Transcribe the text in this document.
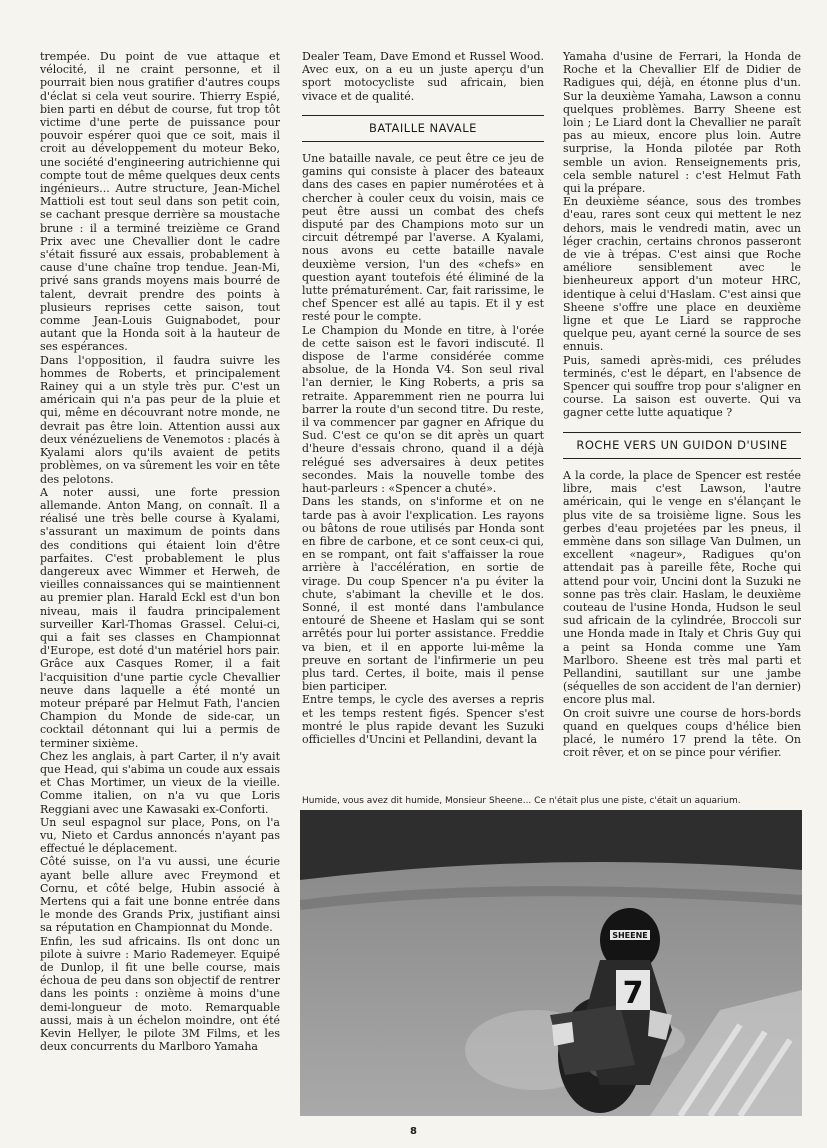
trempée. Du point de vue attaque et vélocité, il ne craint personne, et il pourrait bien nous gratifier d'autres coups d'éclat si cela veut sourire. Thierry Espié, bien parti en début de course, fut trop tôt victime d'une perte de puissance pour pouvoir espérer quoi que ce soit, mais il croit au développement du moteur Beko, une société d'engineering autrichienne qui compte tout de même quelques deux cents ingénieurs... Autre structure, Jean-Michel Mattioli est tout seul dans son petit coin, se cachant presque derrière sa moustache brune : il a terminé treizième ce Grand Prix avec une Chevallier dont le cadre s'était fissuré aux essais, probablement à cause d'une chaîne trop tendue. Jean-Mi, privé sans grands moyens mais bourré de talent, devrait prendre des points à plusieurs reprises cette saison, tout comme Jean-Louis Guignabodet, pour autant que la Honda soit à la hauteur de ses espérances.

Dans l'opposition, il faudra suivre les hommes de Roberts, et principalement Rainey qui a un style très pur. C'est un américain qui n'a pas peur de la pluie et qui, même en découvrant notre monde, ne devrait pas être loin. Attention aussi aux deux vénézueliens de Venemotos : placés à Kyalami alors qu'ils avaient de petits problèmes, on va sûrement les voir en tête des pelotons.

A noter aussi, une forte pression allemande. Anton Mang, on connaît. Il a réalisé une très belle course à Kyalami, s'assurant un maximum de points dans des conditions qui étaient loin d'être parfaites. C'est probablement le plus dangereux avec Wimmer et Herweh, de vieilles connaissances qui se maintiennent au premier plan. Harald Eckl est d'un bon niveau, mais il faudra principalement surveiller Karl-Thomas Grassel. Celui-ci, qui a fait ses classes en Championnat d'Europe, est doté d'un matériel hors pair. Grâce aux Casques Romer, il a fait l'acquisition d'une partie cycle Chevallier neuve dans laquelle a été monté un moteur préparé par Helmut Fath, l'ancien Champion du Monde de side-car, un cocktail détonnant qui lui a permis de terminer sixième.

Chez les anglais, à part Carter, il n'y avait que Head, qui s'abima un coude aux essais et Chas Mortimer, un vieux de la vieille. Comme italien, on n'a vu que Loris Reggiani avec une Kawasaki ex-Conforti.

Un seul espagnol sur place, Pons, on l'a vu, Nieto et Cardus annoncés n'ayant pas effectué le déplacement.

Côté suisse, on l'a vu aussi, une écurie ayant belle allure avec Freymond et Cornu, et côté belge, Hubin associé à Mertens qui a fait une bonne entrée dans le monde des Grands Prix, justifiant ainsi sa réputation en Championnat du Monde.

Enfin, les sud africains. Ils ont donc un pilote à suivre : Mario Rademeyer. Equipé de Dunlop, il fit une belle course, mais échoua de peu dans son objectif de rentrer dans les points : onzième à moins d'une demi-longueur de moto. Remarquable aussi, mais à un échelon moindre, ont été Kevin Hellyer, le pilote 3M Films, et les deux concurrents du Marlboro Yamaha

Dealer Team, Dave Emond et Russel Wood. Avec eux, on a eu un juste aperçu d'un sport motocycliste sud africain, bien vivace et de qualité.

BATAILLE NAVALE

Une bataille navale, ce peut être ce jeu de gamins qui consiste à placer des bateaux dans des cases en papier numérotées et à chercher à couler ceux du voisin, mais ce peut être aussi un combat des chefs disputé par des Champions moto sur un circuit détrempé par l'averse. A Kyalami, nous avons eu cette bataille navale deuxième version, l'un des «chefs» en question ayant toutefois été éliminé de la lutte prématurément. Car, fait rarissime, le chef Spencer est allé au tapis. Et il y est resté pour le compte.

Le Champion du Monde en titre, à l'orée de cette saison est le favori indiscuté. Il dispose de l'arme considérée comme absolue, de la Honda V4. Son seul rival l'an dernier, le King Roberts, a pris sa retraite. Apparemment rien ne pourra lui barrer la route d'un second titre. Du reste, il va commencer par gagner en Afrique du Sud. C'est ce qu'on se dit après un quart d'heure d'essais chrono, quand il a déjà relégué ses adversaires à deux petites secondes. Mais la nouvelle tombe des haut-parleurs : «Spencer a chuté».

Dans les stands, on s'informe et on ne tarde pas à avoir l'explication. Les rayons ou bâtons de roue utilisés par Honda sont en fibre de carbone, et ce sont ceux-ci qui, en se rompant, ont fait s'affaisser la roue arrière à l'accélération, en sortie de virage. Du coup Spencer n'a pu éviter la chute, s'abimant la cheville et le dos. Sonné, il est monté dans l'ambulance entouré de Sheene et Haslam qui se sont arrêtés pour lui porter assistance. Freddie va bien, et il en apporte lui-même la preuve en sortant de l'infirmerie un peu plus tard. Certes, il boite, mais il pense bien participer.

Entre temps, le cycle des averses a repris et les temps restent figés. Spencer s'est montré le plus rapide devant les Suzuki officielles d'Uncini et Pellandini, devant la

Yamaha d'usine de Ferrari, la Honda de Roche et la Chevallier Elf de Didier de Radigues qui, déjà, en étonne plus d'un. Sur la deuxième Yamaha, Lawson a connu quelques problèmes. Barry Sheene est loin ; Le Liard dont la Chevallier ne paraît pas au mieux, encore plus loin. Autre surprise, la Honda pilotée par Roth semble un avion. Renseignements pris, cela semble naturel : c'est Helmut Fath qui la prépare.

En deuxième séance, sous des trombes d'eau, rares sont ceux qui mettent le nez dehors, mais le vendredi matin, avec un léger crachin, certains chronos passeront de vie à trépas. C'est ainsi que Roche améliore sensiblement avec le bienheureux apport d'un moteur HRC, identique à celui d'Haslam. C'est ainsi que Sheene s'offre une place en deuxième ligne et que Le Liard se rapproche quelque peu, ayant cerné la source de ses ennuis.

Puis, samedi après-midi, ces préludes terminés, c'est le départ, en l'absence de Spencer qui souffre trop pour s'aligner en course. La saison est ouverte. Qui va gagner cette lutte aquatique ?

ROCHE VERS UN GUIDON D'USINE

A la corde, la place de Spencer est restée libre, mais c'est Lawson, l'autre américain, qui le venge en s'élançant le plus vite de sa troisième ligne. Sous les gerbes d'eau projetées par les pneus, il emmène dans son sillage Van Dulmen, un excellent «nageur», Radigues qu'on attendait pas à pareille fête, Roche qui attend pour voir, Uncini dont la Suzuki ne sonne pas très clair. Haslam, le deuxième couteau de l'usine Honda, Hudson le seul sud africain de la cylindrée, Broccoli sur une Honda made in Italy et Chris Guy qui a peint sa Honda comme une Yam Marlboro. Sheene est très mal parti et Pellandini, sautillant sur une jambe (séquelles de son accident de l'an dernier) encore plus mal.

On croit suivre une course de hors-bords quand en quelques coups d'hélice bien placé, le numéro 17 prend la tête. On croit rêver, et on se pince pour vérifier.

Humide, vous avez dit humide, Monsieur Sheene... Ce n'était plus une piste, c'était un aquarium.
SHEENE
7
8
